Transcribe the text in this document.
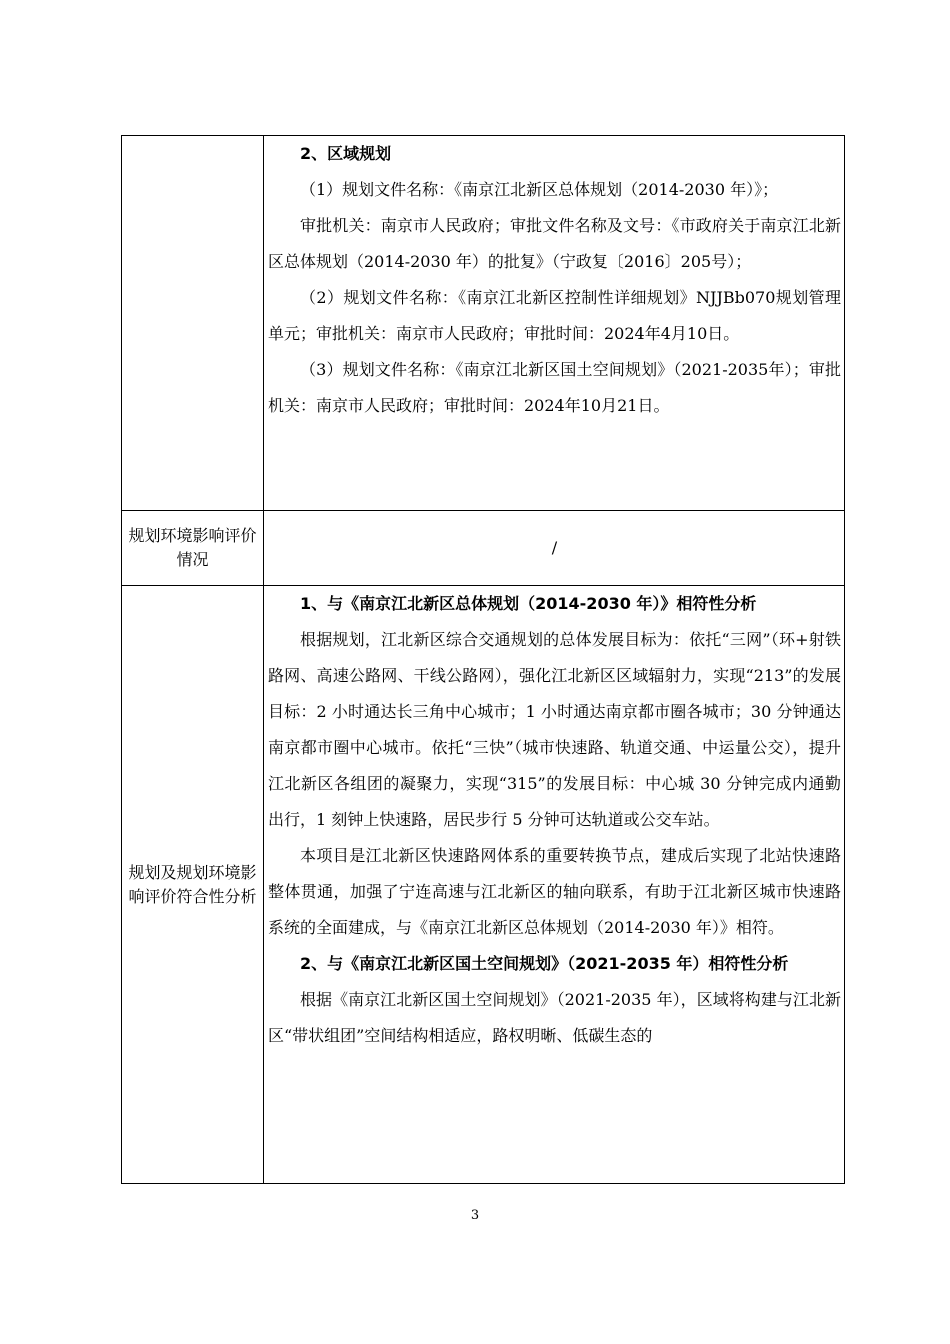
	2、区域规划

（1）规划文件名称：《南京江北新区总体规划（2014-2030 年）》；

审批机关：南京市人民政府；审批文件名称及文号：《市政府关于南京江北新区总体规划（2014-2030 年）的批复》（宁政复〔2016〕205号）；

（2）规划文件名称：《南京江北新区控制性详细规划》NJJBb070规划管理单元；审批机关：南京市人民政府；审批时间：2024年4月10日。

（3）规划文件名称：《南京江北新区国土空间规划》（2021-2035年）；审批机关：南京市人民政府；审批时间：2024年10月21日。

规划环境影响评价情况	/

规划及规划环境影响评价符合性分析	1、与《南京江北新区总体规划（2014-2030 年）》相符性分析

根据规划，江北新区综合交通规划的总体发展目标为：依托“三网”（环+射铁路网、高速公路网、干线公路网），强化江北新区区域辐射力，实现“213”的发展目标：2 小时通达长三角中心城市；1 小时通达南京都市圈各城市；30 分钟通达南京都市圈中心城市。依托“三快”（城市快速路、轨道交通、中运量公交），提升江北新区各组团的凝聚力，实现“315”的发展目标：中心城 30 分钟完成内通勤出行，1 刻钟上快速路，居民步行 5 分钟可达轨道或公交车站。

本项目是江北新区快速路网体系的重要转换节点，建成后实现了北站快速路整体贯通，加强了宁连高速与江北新区的轴向联系，有助于江北新区城市快速路系统的全面建成，与《南京江北新区总体规划（2014-2030 年）》相符。

2、与《南京江北新区国土空间规划》（2021-2035 年）相符性分析

根据《南京江北新区国土空间规划》（2021-2035 年），区域将构建与江北新区“带状组团”空间结构相适应，路权明晰、低碳生态的

3
